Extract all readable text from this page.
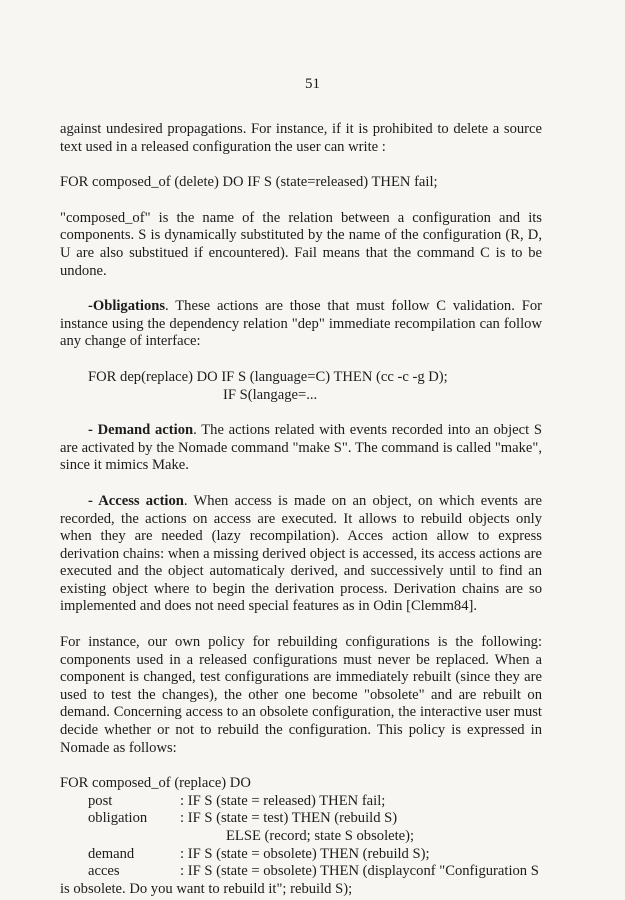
51

against undesired propagations. For instance, if it is prohibited to delete a source text used in a released configuration the user can write :

FOR composed_of (delete) DO IF S (state=released) THEN fail;

"composed_of" is the name of the relation between a configuration and its components. S is dynamically substituted by the name of the configuration (R, D, U are also substitued if encountered). Fail means that the command C is to be undone.

-Obligations. These actions are those that must follow C validation. For instance using the dependency relation "dep" immediate recompilation can follow any change of interface:

FOR dep(replace) DO IF S (language=C) THEN (cc -c -g D);

IF S(langage=...

- Demand action. The actions related with events recorded into an object S are activated by the Nomade command "make S". The command is called "make", since it mimics Make.

- Access action. When access is made on an object, on which events are recorded, the actions on access are executed. It allows to rebuild objects only when they are needed (lazy recompilation). Acces action allow to express derivation chains: when a missing derived object is accessed, its access actions are executed and the object automaticaly derived, and successively until to find an existing object where to begin the derivation process. Derivation chains are so implemented and does not need special features as in Odin [Clemm84].

For instance, our own policy for rebuilding configurations is the following: components used in a released configurations must never be replaced. When a component is changed, test configurations are immediately rebuilt (since they are used to test the changes), the other one become "obsolete" and are rebuilt on demand. Concerning access to an obsolete configuration, the interactive user must decide whether or not to rebuild the configuration. This policy is expressed in Nomade as follows:

FOR composed_of (replace) DO

post	: IF S (state = released) THEN fail;
obligation	: IF S (state = test) THEN (rebuild S)

ELSE (record; state S obsolete);

demand	: IF S (state = obsolete) THEN (rebuild S);
acces	: IF S (state = obsolete) THEN (displayconf "Configuration S

is obsolete. Do you want to rebuild it"; rebuild S);
